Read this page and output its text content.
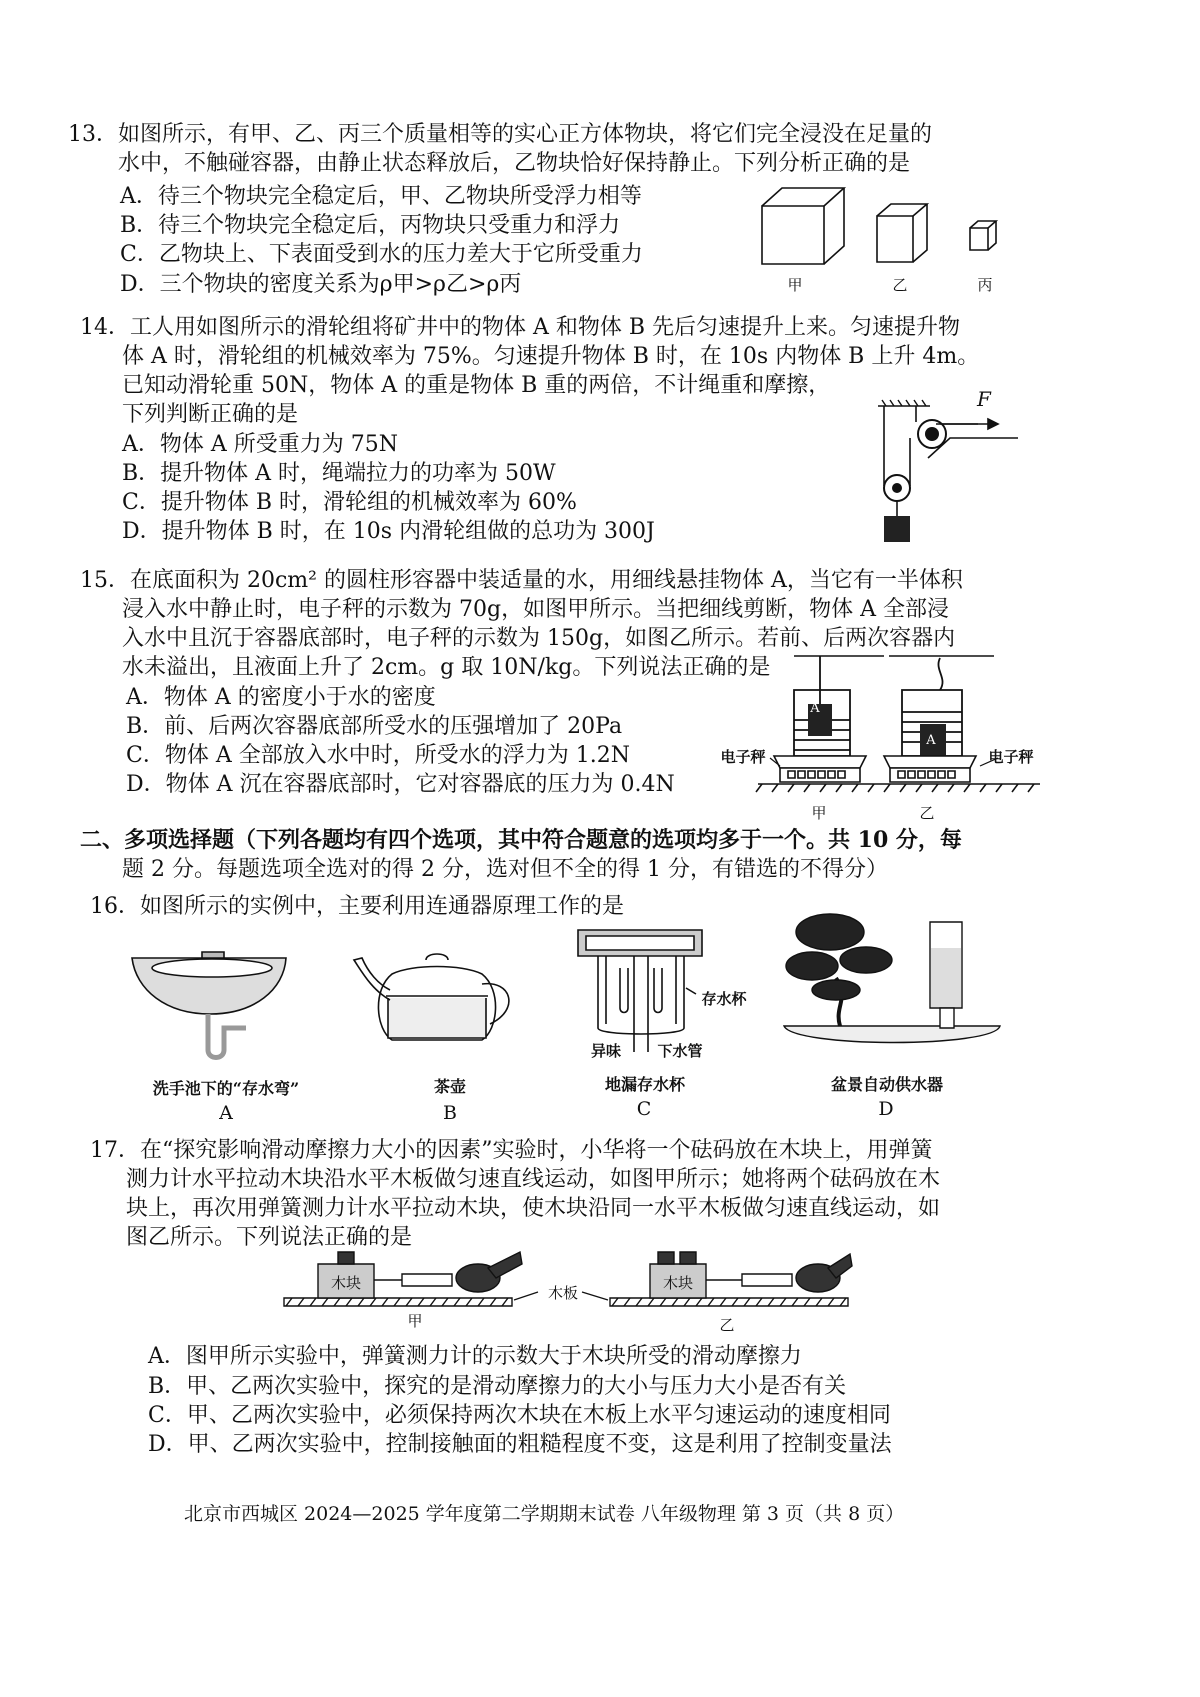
13．如图所示，有甲、乙、丙三个质量相等的实心正方体物块，将它们完全浸没在足量的
水中，不触碰容器，由静止状态释放后，乙物块恰好保持静止。下列分析正确的是
A．待三个物块完全稳定后，甲、乙物块所受浮力相等
B．待三个物块完全稳定后，丙物块只受重力和浮力
C．乙物块上、下表面受到水的压力差大于它所受重力
D．三个物块的密度关系为ρ甲>ρ乙>ρ丙	甲	乙	丙
14．工人用如图所示的滑轮组将矿井中的物体 A 和物体 B 先后匀速提升上来。匀速提升物
体 A 时，滑轮组的机械效率为 75%。匀速提升物体 B 时，在 10s 内物体 B 上升 4m。
已知动滑轮重 50N，物体 A 的重是物体 B 重的两倍，不计绳重和摩擦，
下列判断正确的是
A．物体 A 所受重力为 75N
B．提升物体 A 时，绳端拉力的功率为 50W
C．提升物体 B 时，滑轮组的机械效率为 60%
D．提升物体 B 时，在 10s 内滑轮组做的总功为 300J
F
15．在底面积为 20cm² 的圆柱形容器中装适量的水，用细线悬挂物体 A，当它有一半体积
浸入水中静止时，电子秤的示数为 70g，如图甲所示。当把细线剪断，物体 A 全部浸
入水中且沉于容器底部时，电子秤的示数为 150g，如图乙所示。若前、后两次容器内
水未溢出，且液面上升了 2cm。g 取 10N/kg。下列说法正确的是
A．物体 A 的密度小于水的密度
B．前、后两次容器底部所受水的压强增加了 20Pa
C．物体 A 全部放入水中时，所受水的浮力为 1.2N
D．物体 A 沉在容器底部时，它对容器底的压力为 0.4N
A
A
电子秤	电子秤
甲	乙
二、多项选择题（下列各题均有四个选项，其中符合题意的选项均多于一个。共 10 分，每
题 2 分。每题选项全选对的得 2 分，选对但不全的得 1 分，有错选的不得分）
16．如图所示的实例中，主要利用连通器原理工作的是
存水杯
异味	下水管
洗手池下的“存水弯”	茶壶	地漏存水杯	盆景自动供水器
A	B	C	D
17．在“探究影响滑动摩擦力大小的因素”实验时，小华将一个砝码放在木块上，用弹簧
测力计水平拉动木块沿水平木板做匀速直线运动，如图甲所示；她将两个砝码放在木
块上，再次用弹簧测力计水平拉动木块，使木块沿同一水平木板做匀速直线运动，如
图乙所示。下列说法正确的是
木块	木块
木板
甲	乙
A．图甲所示实验中，弹簧测力计的示数大于木块所受的滑动摩擦力
B．甲、乙两次实验中，探究的是滑动摩擦力的大小与压力大小是否有关
C．甲、乙两次实验中，必须保持两次木块在木板上水平匀速运动的速度相同
D．甲、乙两次实验中，控制接触面的粗糙程度不变，这是利用了控制变量法
北京市西城区 2024—2025 学年度第二学期期末试卷 八年级物理 第 3 页（共 8 页）
